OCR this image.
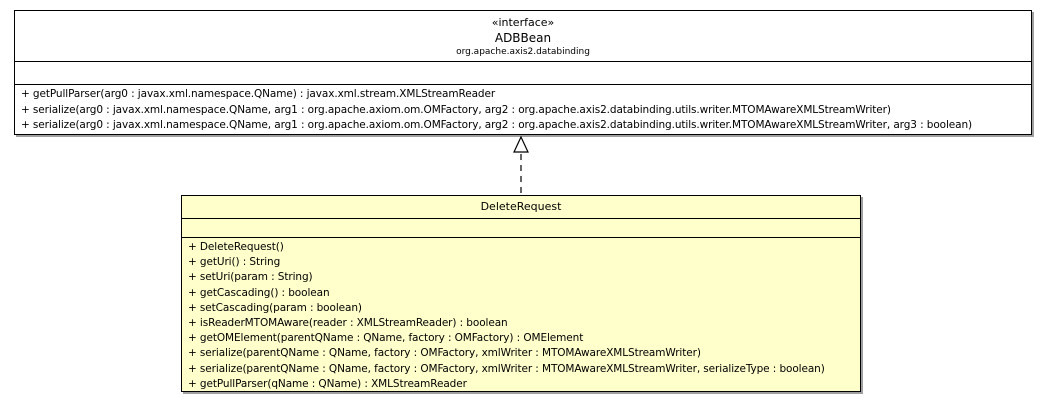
«interface»
ADBBean
org.apache.axis2.databinding
+ getPullParser(arg0 : javax.xml.namespace.QName) : javax.xml.stream.XMLStreamReader
+ serialize(arg0 : javax.xml.namespace.QName, arg1 : org.apache.axiom.om.OMFactory, arg2 : org.apache.axis2.databinding.utils.writer.MTOMAwareXMLStreamWriter)
+ serialize(arg0 : javax.xml.namespace.QName, arg1 : org.apache.axiom.om.OMFactory, arg2 : org.apache.axis2.databinding.utils.writer.MTOMAwareXMLStreamWriter, arg3 : boolean)
DeleteRequest
+ DeleteRequest()
+ getUri() : String
+ setUri(param : String)
+ getCascading() : boolean
+ setCascading(param : boolean)
+ isReaderMTOMAware(reader : XMLStreamReader) : boolean
+ getOMElement(parentQName : QName, factory : OMFactory) : OMElement
+ serialize(parentQName : QName, factory : OMFactory, xmlWriter : MTOMAwareXMLStreamWriter)
+ serialize(parentQName : QName, factory : OMFactory, xmlWriter : MTOMAwareXMLStreamWriter, serializeType : boolean)
+ getPullParser(qName : QName) : XMLStreamReader
